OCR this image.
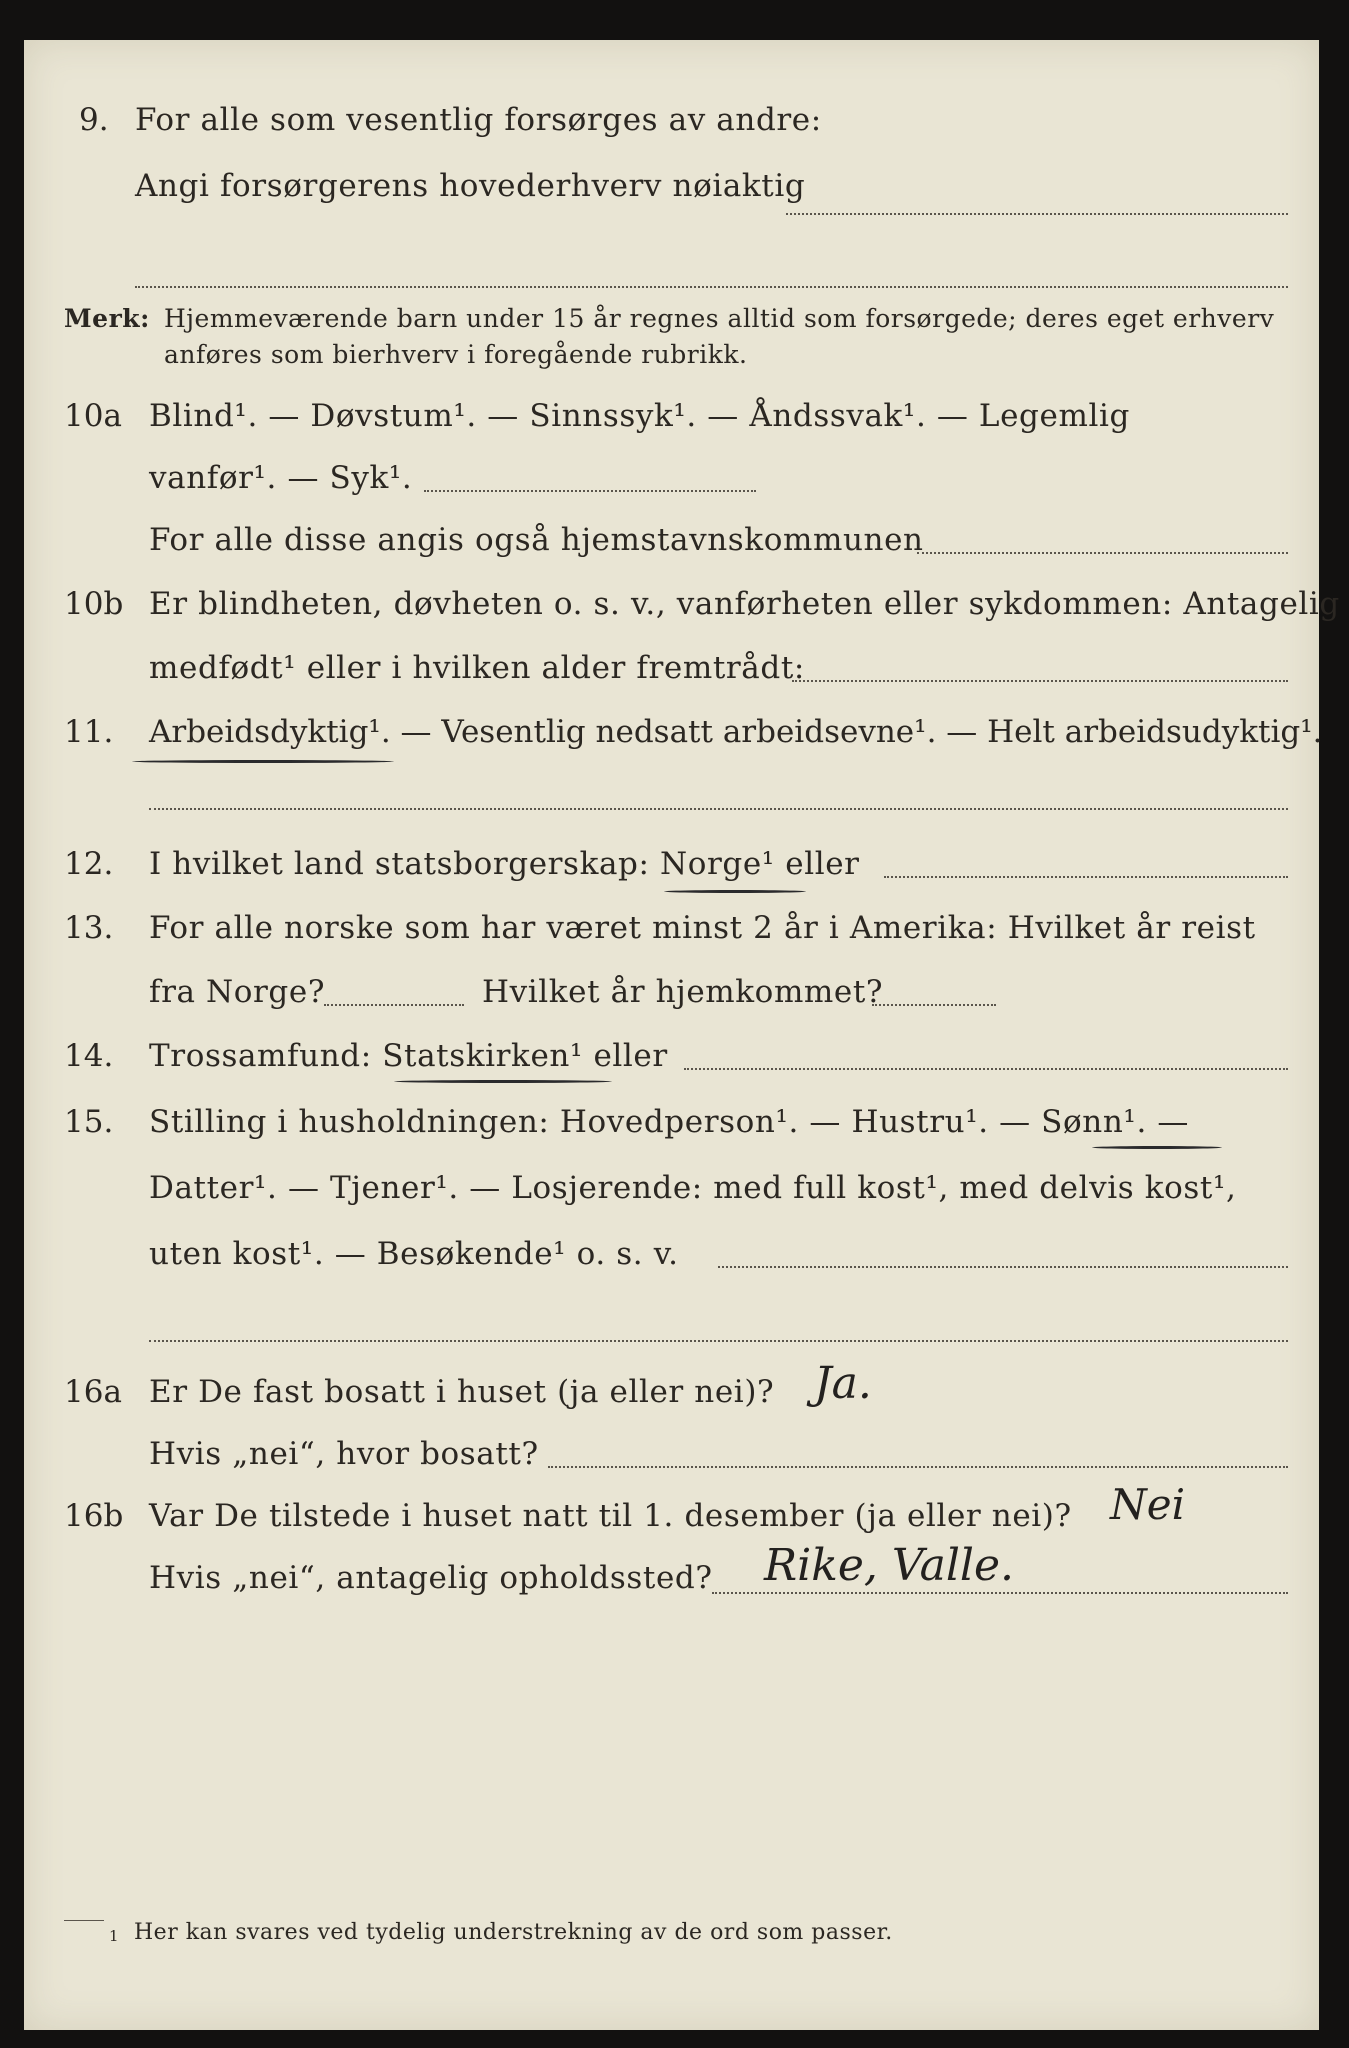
9. For alle som vesentlig forsørges av andre:
Angi forsørgerens hovederhverv nøiaktig
Merk: Hjemmeværende barn under 15 år regnes alltid som forsørgede; deres eget erhverv
anføres som bierhverv i foregående rubrikk.
10a Blind¹. — Døvstum¹. — Sinnssyk¹. — Åndssvak¹. — Legemlig
vanfør¹. — Syk¹.
For alle disse angis også hjemstavnskommunen
10b Er blindheten, døvheten o. s. v., vanførheten eller sykdommen: Antagelig
medfødt¹ eller i hvilken alder fremtrådt:
11. Arbeidsdyktig¹. — Vesentlig nedsatt arbeidsevne¹. — Helt arbeidsudyktig¹.
12. I hvilket land statsborgerskap: Norge¹ eller
13. For alle norske som har været minst 2 år i Amerika: Hvilket år reist
fra Norge?	Hvilket år hjemkommet?
14. Trossamfund: Statskirken¹ eller
15. Stilling i husholdningen: Hovedperson¹. — Hustru¹. — Sønn¹. —
Datter¹. — Tjener¹. — Losjerende: med full kost¹, med delvis kost¹,
uten kost¹. — Besøkende¹ o. s. v.
16a Er De fast bosatt i huset (ja eller nei)? Ja.
Hvis „nei“, hvor bosatt?
16b Var De tilstede i huset natt til 1. desember (ja eller nei)? Nei
Hvis „nei“, antagelig opholdssted? Rike, Valle.
1 Her kan svares ved tydelig understrekning av de ord som passer.
